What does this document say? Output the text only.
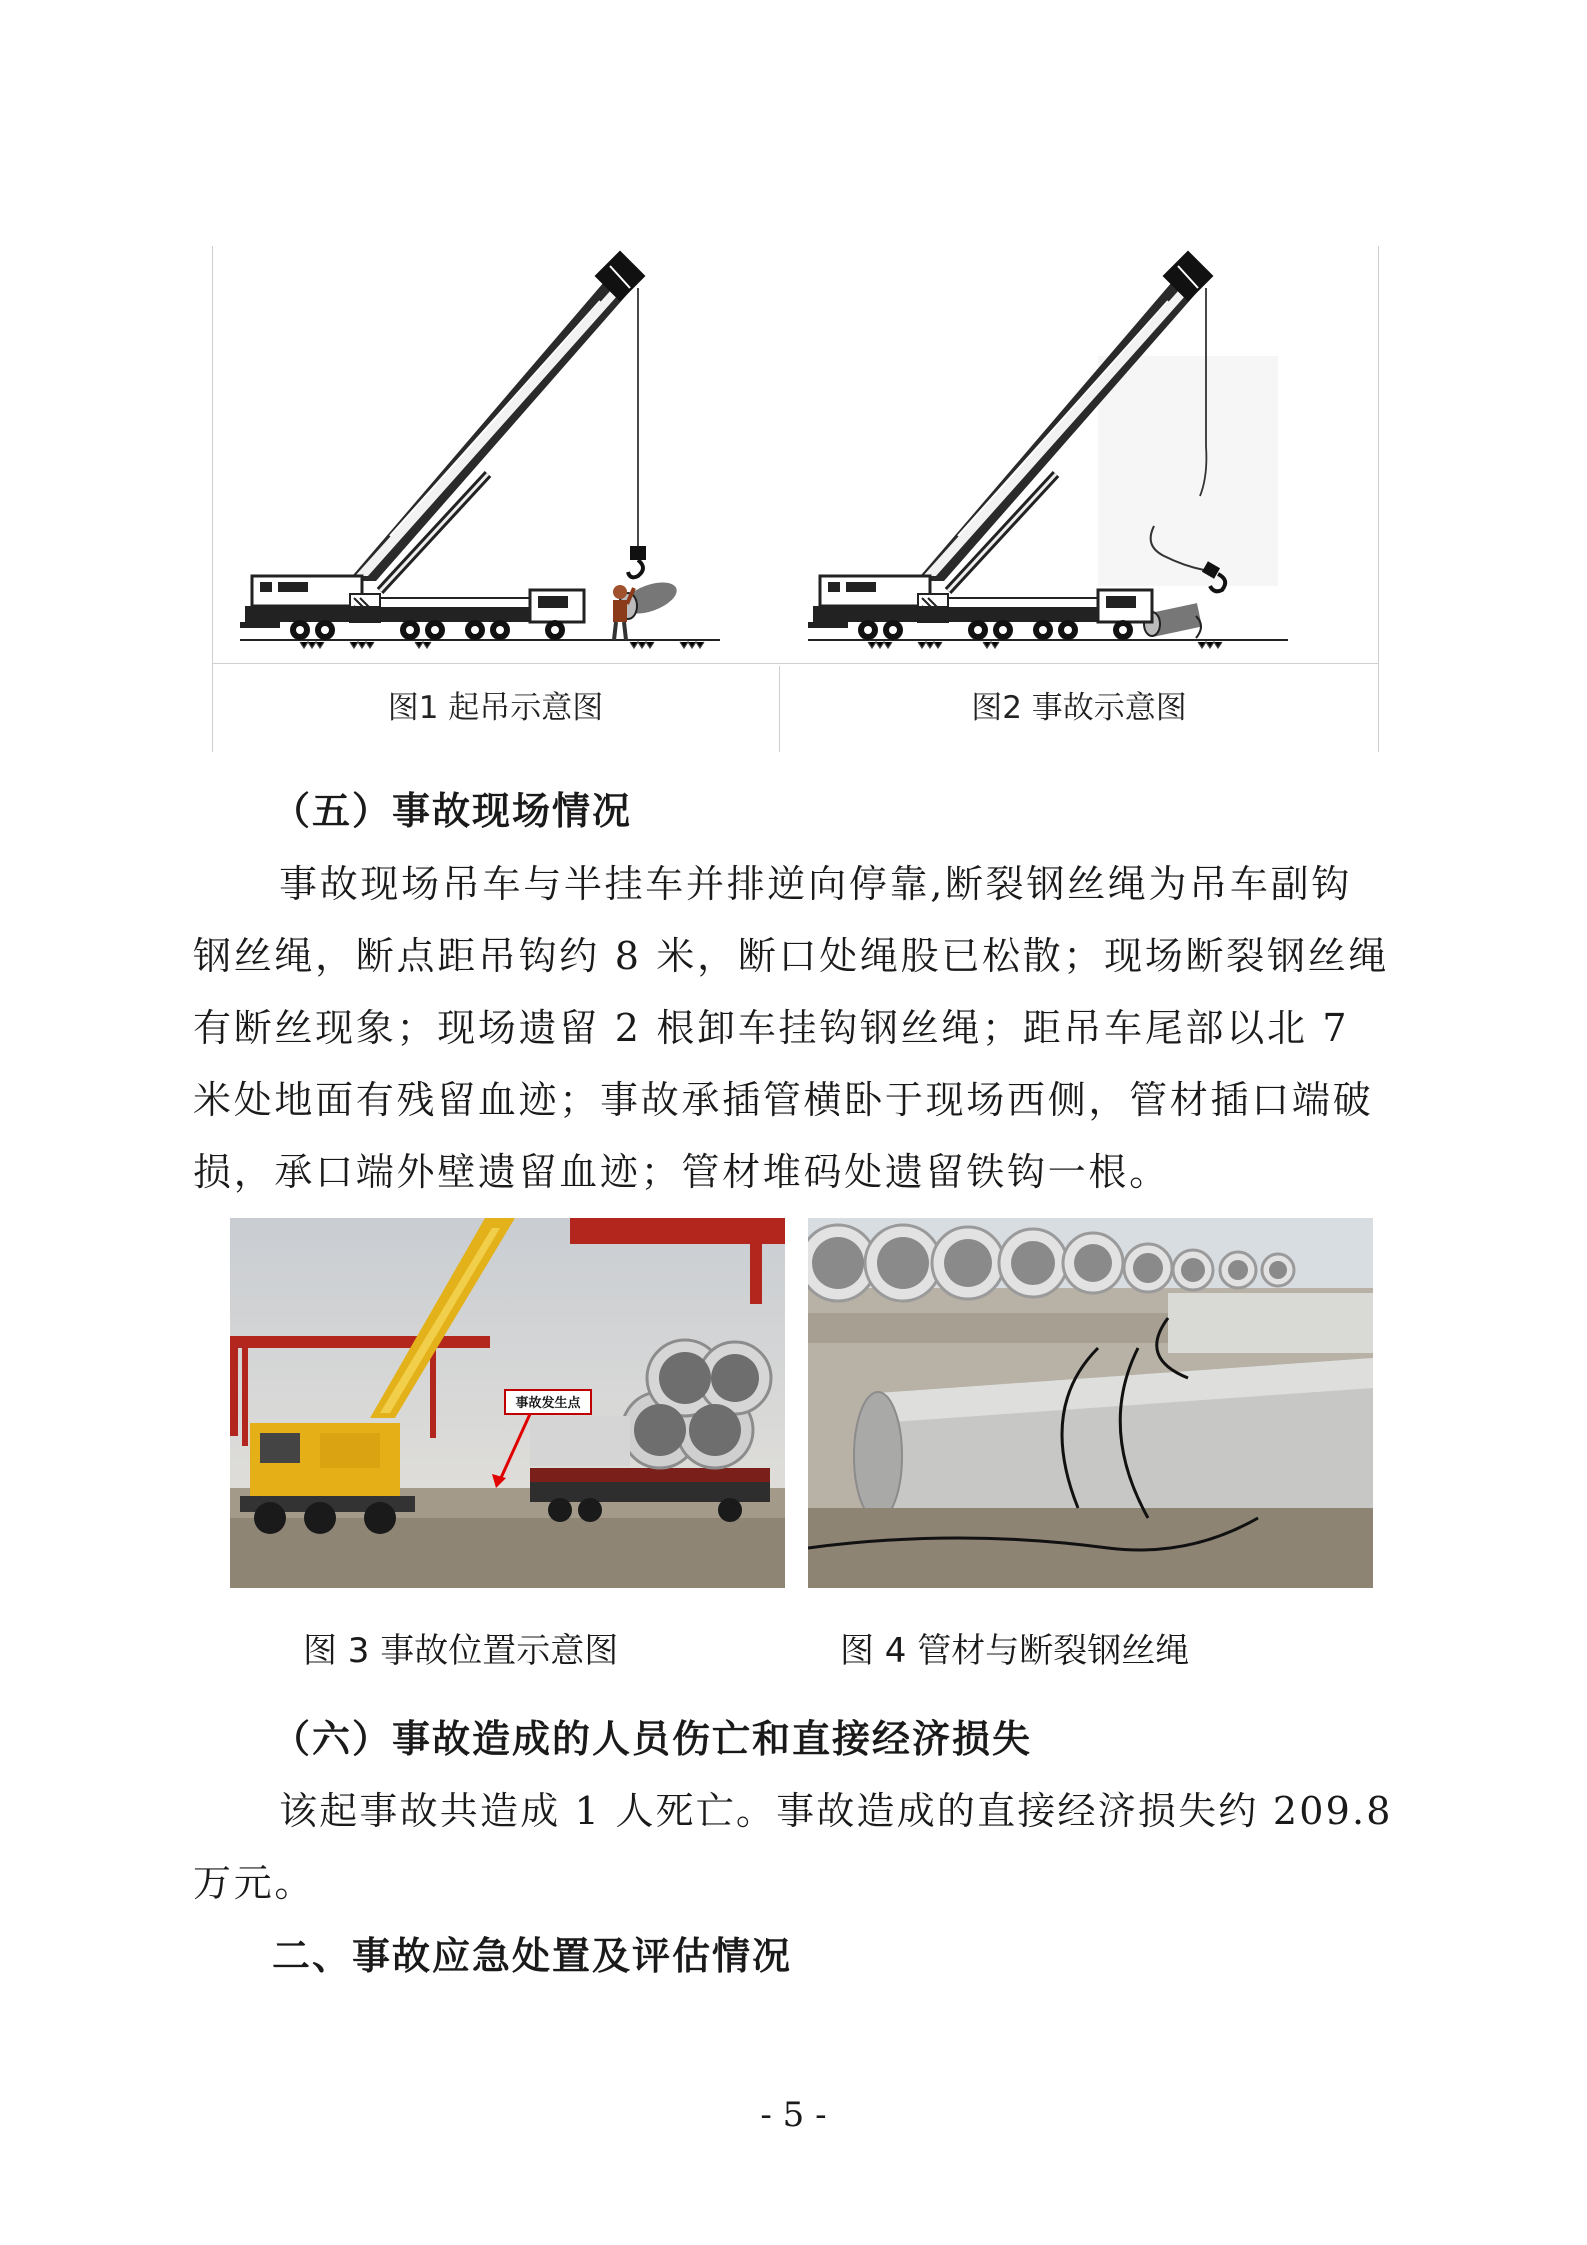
图1 起吊示意图	图2 事故示意图
（五）事故现场情况
事故现场吊车与半挂车并排逆向停靠,断裂钢丝绳为吊车副钩
钢丝绳，断点距吊钩约 8 米，断口处绳股已松散；现场断裂钢丝绳
有断丝现象；现场遗留 2 根卸车挂钩钢丝绳；距吊车尾部以北 7
米处地面有残留血迹；事故承插管横卧于现场西侧，管材插口端破
损，承口端外壁遗留血迹；管材堆码处遗留铁钩一根。
事故发生点
图 3 事故位置示意图	图 4 管材与断裂钢丝绳
（六）事故造成的人员伤亡和直接经济损失
该起事故共造成 1 人死亡。事故造成的直接经济损失约 209.8
万元。
二、事故应急处置及评估情况
- 5 -
